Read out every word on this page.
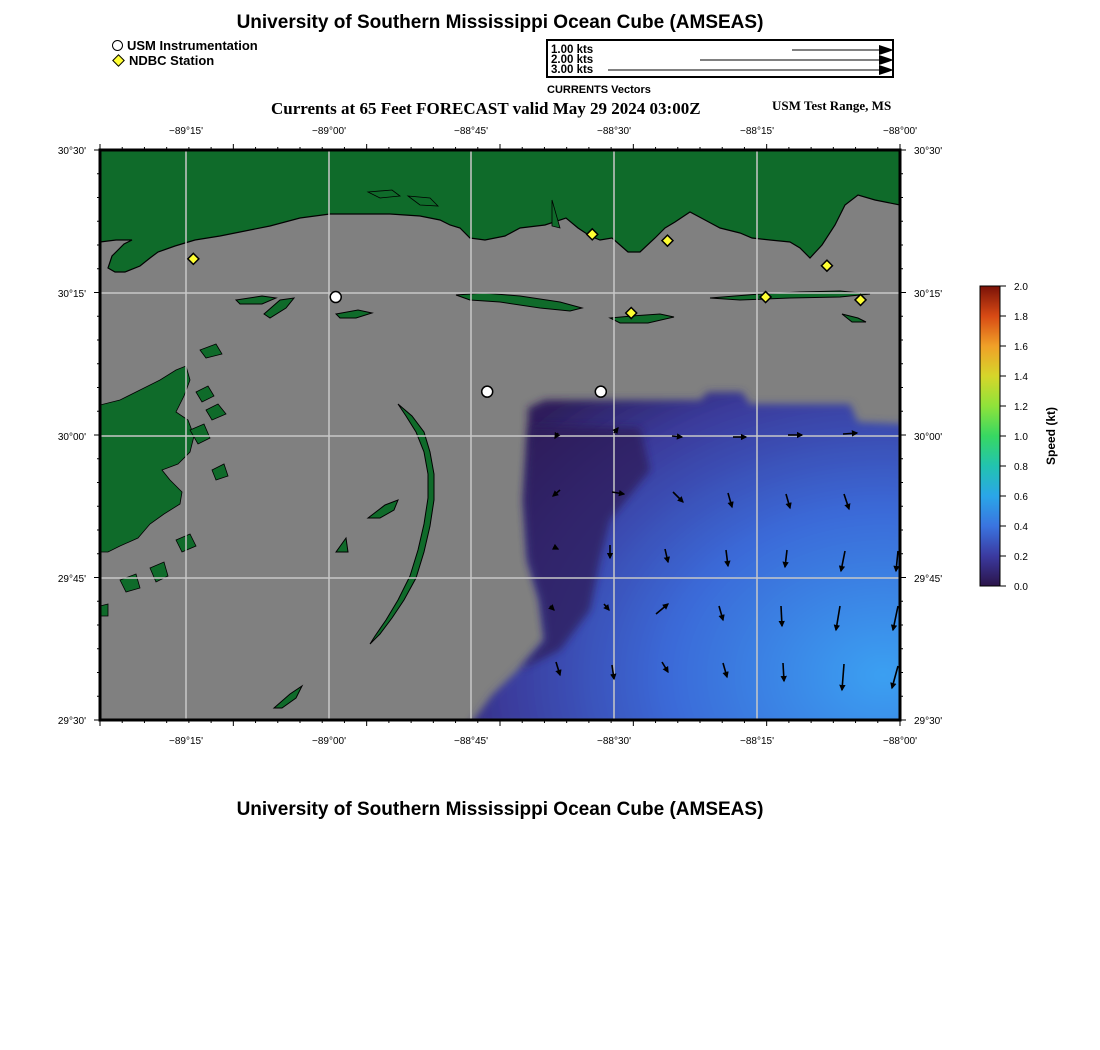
University of Southern Mississippi Ocean Cube (AMSEAS)
USM Instrumentation
NDBC Station
1.00 kts
2.00 kts
3.00 kts
CURRENTS Vectors
Currents at 65 Feet FORECAST valid May 29 2024 03:00Z	USM Test Range, MS
−89°15'	−89°00'	−88°45'	−88°30'	−88°15'	−88°00'
−89°15'	−89°00'	−88°45'	−88°30'	−88°15'	−88°00'
30°30'
30°15'
30°00'
29°45'
29°30'
30°30'
30°15'
30°00'
29°45'
29°30'
2.0
1.8
1.6
1.4
1.2
1.0
0.8
0.6
0.4
0.2
0.0
Speed (kt)
University of Southern Mississippi Ocean Cube (AMSEAS)
